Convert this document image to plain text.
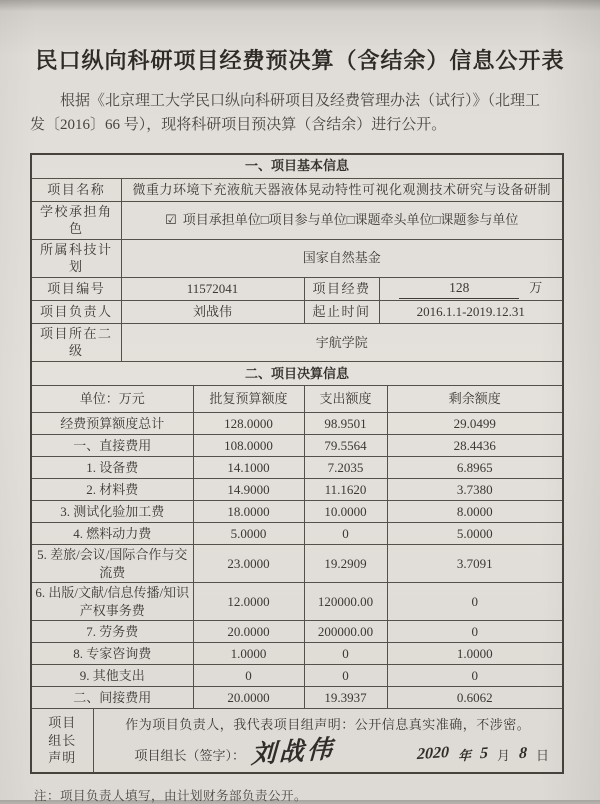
民口纵向科研项目经费预决算（含结余）信息公开表
根据《北京理工大学民口纵向科研项目及经费管理办法（试行）》（北理工
发〔2016〕66 号），现将科研项目预决算（含结余）进行公开。
一、项目基本信息						
项目名称		微重力环境下充液航天器液体晃动特性可视化观测技术研究与设备研制				
学校承担角色		☑ 项目承担单位□项目参与单位□课题牵头单位□课题参与单位				
所属科技计划		国家自然基金				
项目编号		11572041		项目经费	128 万	
项目负责人		刘战伟		起止时间	2016.1.1-2019.12.31	
项目所在二级		宇航学院				
二、项目决算信息						
单位：万元			批复预算额度	支出额度		剩余额度
经费预算额度总计			128.0000	98.9501		29.0499
一、直接费用			108.0000	79.5564		28.4436
1. 设备费			14.1000	7.2035		6.8965
2. 材料费			14.9000	11.1620		3.7380
3. 测试化验加工费			18.0000	10.0000		8.0000
4. 燃料动力费			5.0000	0		5.0000
5. 差旅/会议/国际合作与交流费			23.0000	19.2909		3.7091
6. 出版/文献/信息传播/知识产权事务费			12.0000	120000.00		0
7. 劳务费			20.0000	200000.00		0
8. 专家咨询费			1.0000	0		1.0000
9. 其他支出			0	0		0
二、间接费用			20.0000	19.3937		0.6062

项目
组长
声明

作为项目负责人，我代表项目组声明：公开信息真实准确，不涉密。
项目组长（签字）： 刘战伟	2020 年 5 月 8 日
注：项目负责人填写，由计划财务部负责公开。
